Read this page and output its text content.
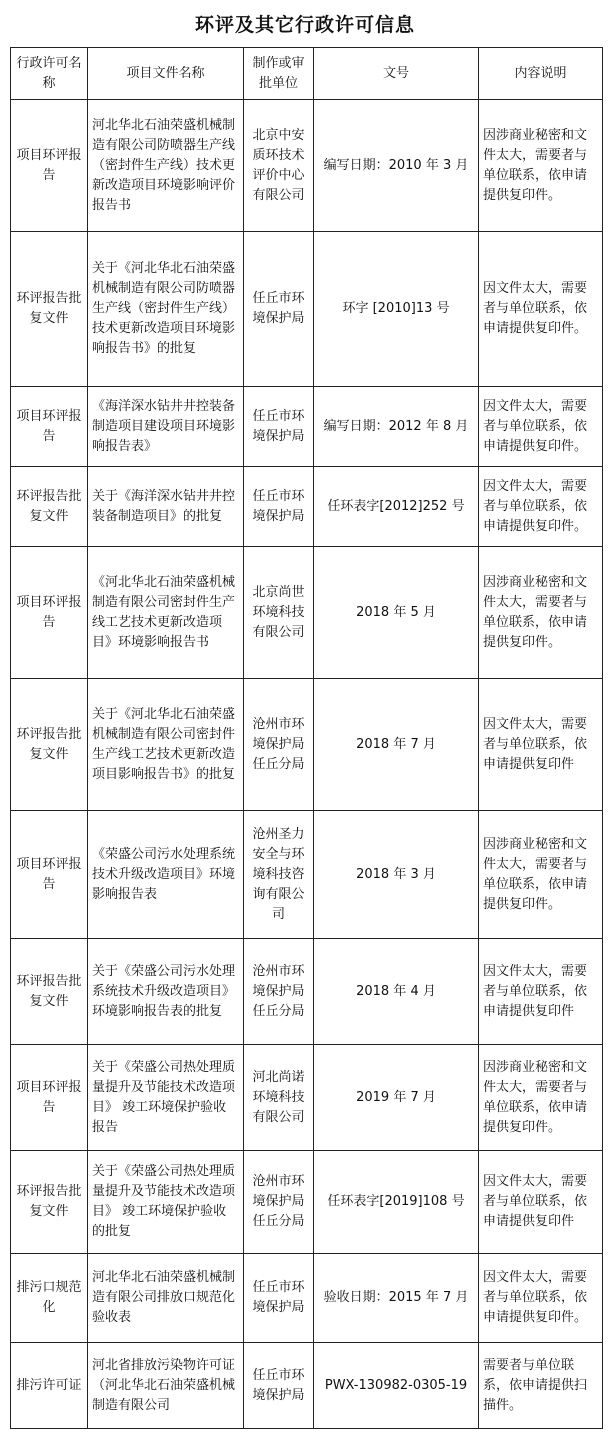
环评及其它行政许可信息
行政许可名称	项目文件名称	制作或审批单位	文号	内容说明
项目环评报告	河北华北石油荣盛机械制造有限公司防喷器生产线（密封件生产线）技术更新改造项目环境影响评价报告书	北京中安质环技术评价中心有限公司	编写日期：2010 年 3 月	因涉商业秘密和文件太大，需要者与单位联系，依申请提供复印件。
环评报告批复文件	关于《河北华北石油荣盛机械制造有限公司防喷器生产线（密封件生产线）技术更新改造项目环境影响报告书》的批复	任丘市环境保护局	环字 [2010]13 号	因文件太大，需要者与单位联系，依申请提供复印件。
项目环评报告	《海洋深水钻井井控装备制造项目建设项目环境影响报告表》	任丘市环境保护局	编写日期：2012 年 8 月	因文件太大，需要者与单位联系，依申请提供复印件。
环评报告批复文件	关于《海洋深水钻井井控装备制造项目》的批复	任丘市环境保护局	任环表字[2012]252 号	因文件太大，需要者与单位联系，依申请提供复印件。
项目环评报告	《河北华北石油荣盛机械制造有限公司密封件生产线工艺技术更新改造项目》环境影响报告书	北京尚世环境科技有限公司	2018 年 5 月	因涉商业秘密和文件太大，需要者与单位联系，依申请提供复印件。
环评报告批复文件	关于《河北华北石油荣盛机械制造有限公司密封件生产线工艺技术更新改造项目影响报告书》的批复	沧州市环境保护局任丘分局	2018 年 7 月	因文件太大，需要者与单位联系，依申请提供复印件
项目环评报告	《荣盛公司污水处理系统技术升级改造项目》环境影响报告表	沧州圣力安全与环境科技咨询有限公司	2018 年 3 月	因涉商业秘密和文件太大，需要者与单位联系，依申请提供复印件。
环评报告批复文件	关于《荣盛公司污水处理系统技术升级改造项目》环境影响报告表的批复	沧州市环境保护局任丘分局	2018 年 4 月	因文件太大，需要者与单位联系，依申请提供复印件
项目环评报告	关于《荣盛公司热处理质量提升及节能技术改造项目》 竣工环境保护验收报告	河北尚诺环境科技有限公司	2019 年 7 月	因涉商业秘密和文件太大，需要者与单位联系，依申请提供复印件。
环评报告批复文件	关于《荣盛公司热处理质量提升及节能技术改造项目》 竣工环境保护验收的批复	沧州市环境保护局任丘分局	任环表字[2019]108 号	因文件太大，需要者与单位联系，依申请提供复印件
排污口规范化	河北华北石油荣盛机械制造有限公司排放口规范化验收表	任丘市环境保护局	验收日期：2015 年 7 月	因文件太大，需要者与单位联系，依申请提供复印件。
排污许可证	河北省排放污染物许可证（河北华北石油荣盛机械制造有限公司	任丘市环境保护局	PWX-130982-0305-19	需要者与单位联系，依申请提供扫描件。
